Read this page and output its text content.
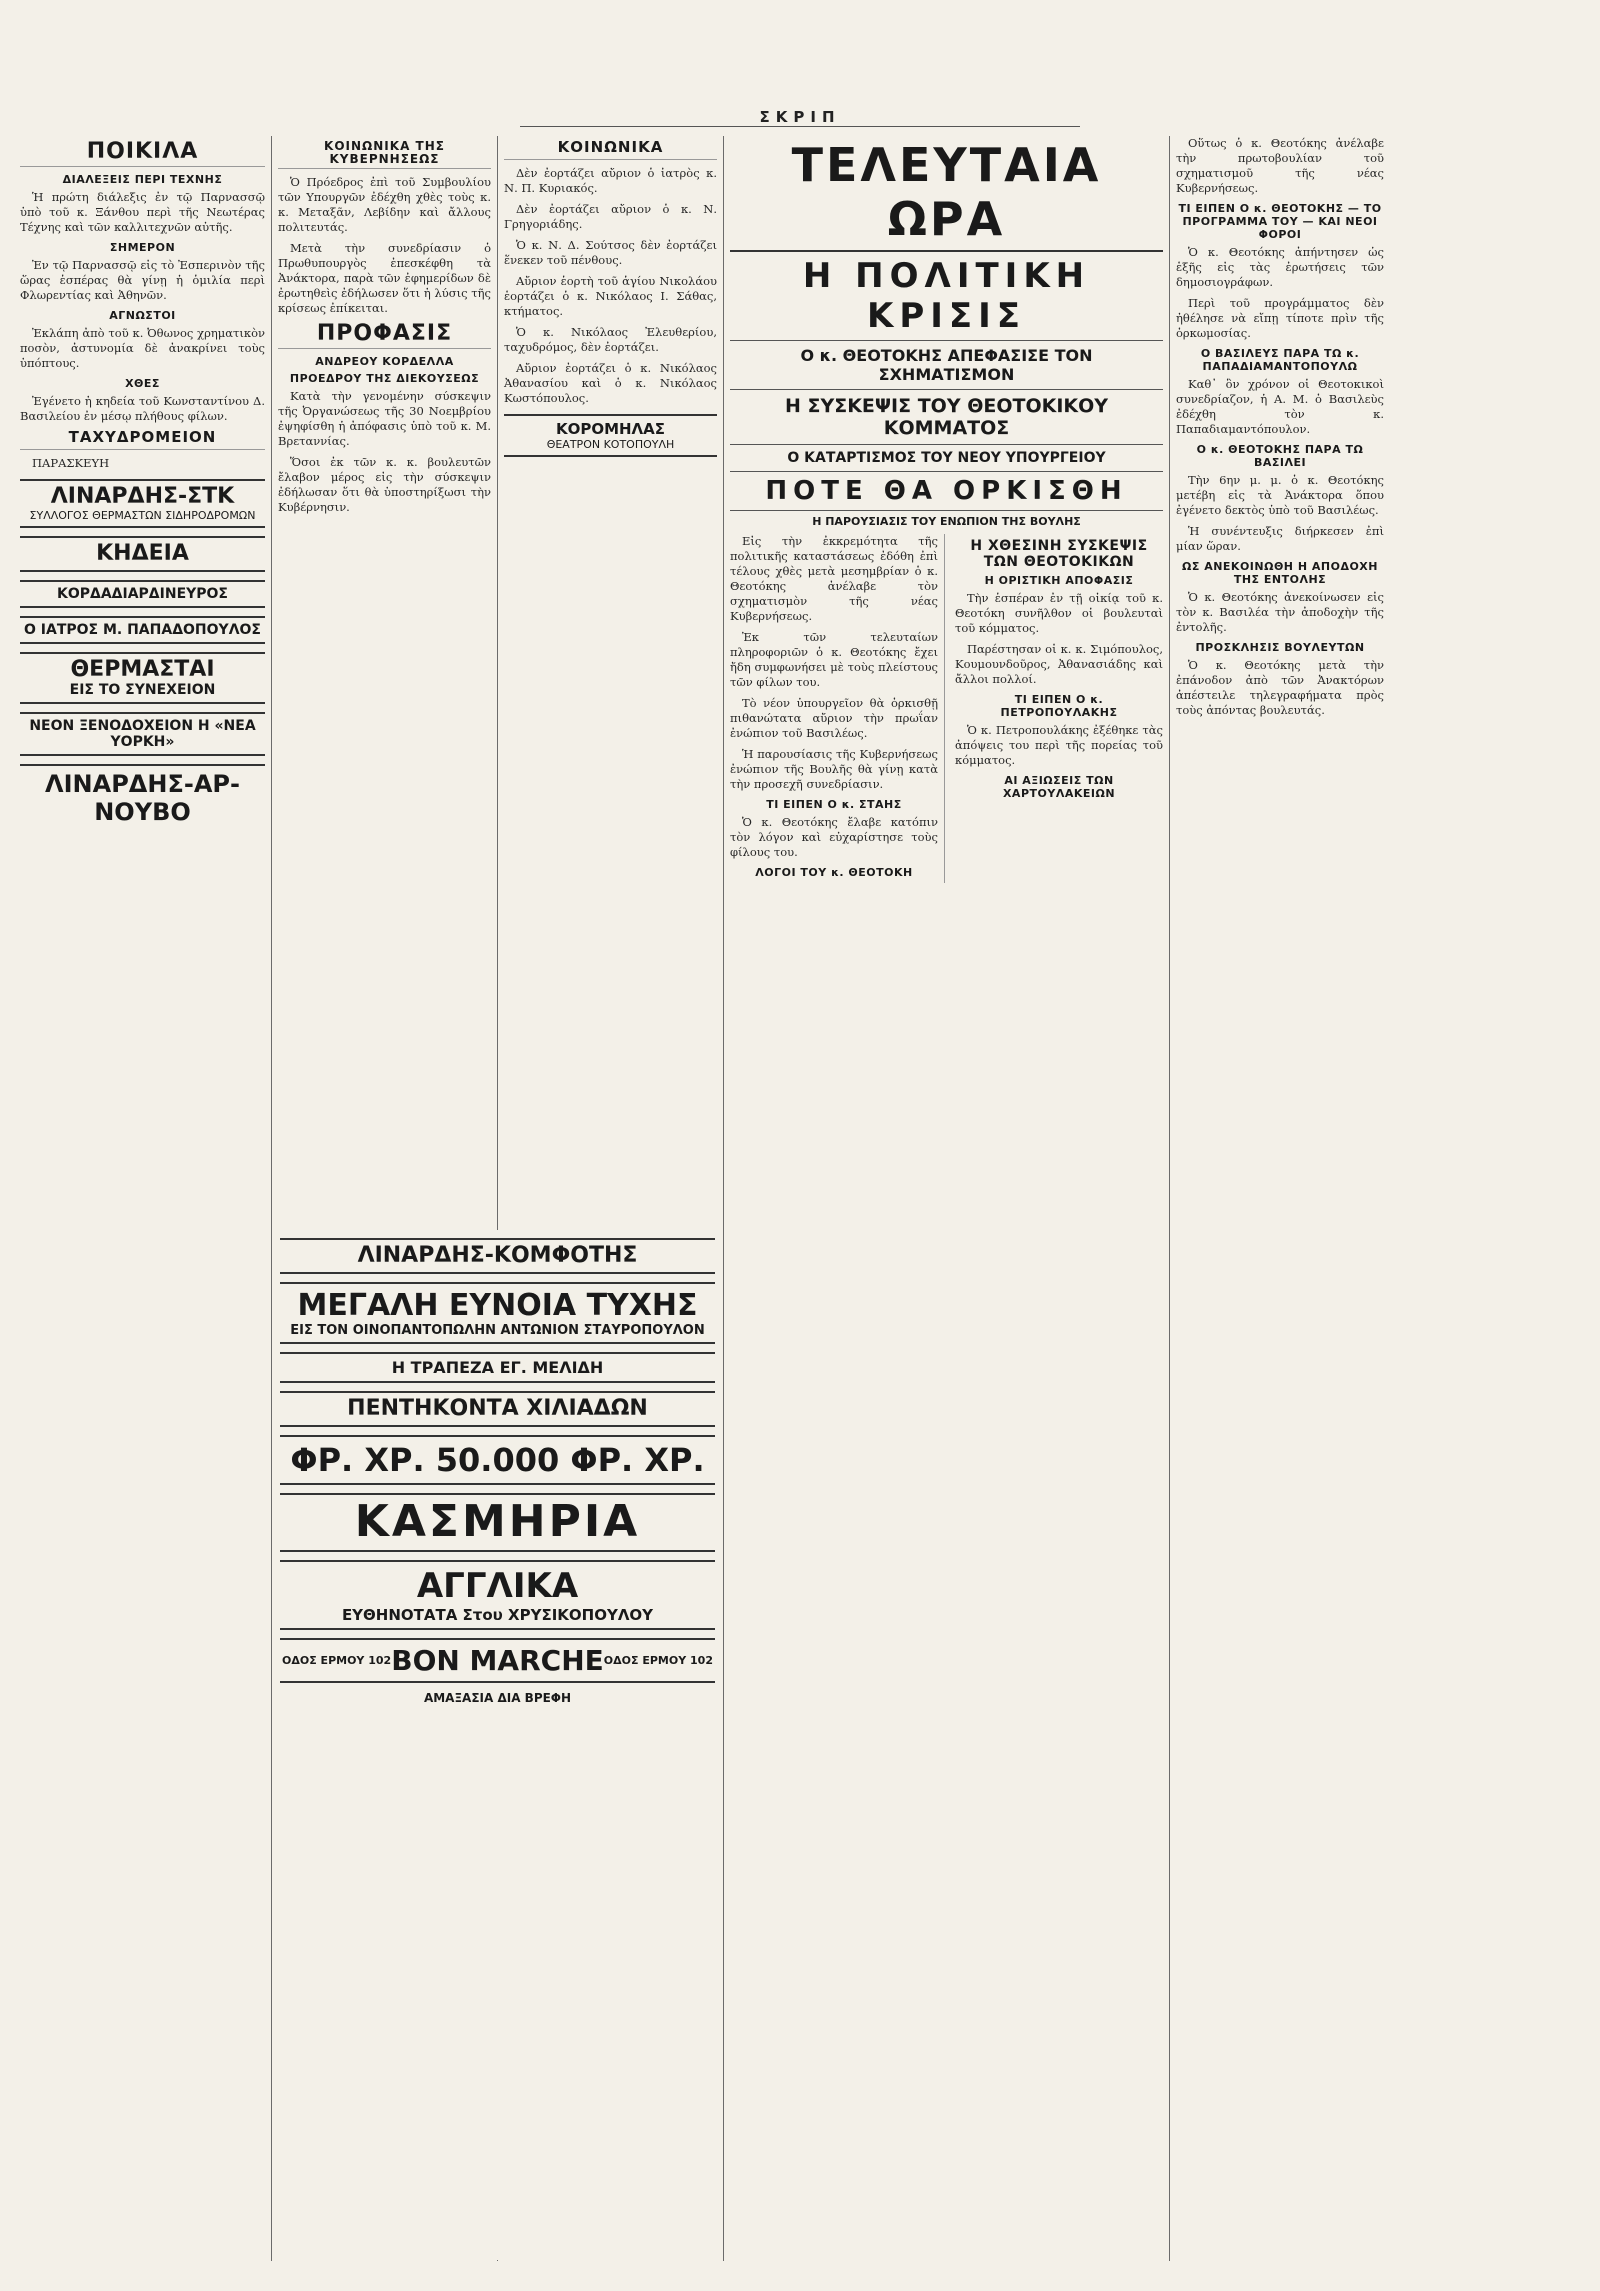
ΣΚΡΙΠ
ΠΟΙΚΙΛΑ
ΔΙΑΛΕΞΕΙΣ ΠΕΡΙ ΤΕΧΝΗΣ

Ἡ πρώτη διάλεξις ἐν τῷ Παρνασσῷ ὑπὸ τοῦ κ. Ξάνθου περὶ τῆς Νεωτέρας Τέχνης καὶ τῶν καλλιτεχνῶν αὐτῆς.

ΣΗΜΕΡΟΝ

Ἐν τῷ Παρνασσῷ εἰς τὸ Ἐσπερινὸν τῆς ὥρας ἑσπέρας θὰ γίνῃ ἡ ὁμιλία περὶ Φλωρεντίας καὶ Ἀθηνῶν.

ΑΓΝΩΣΤΟΙ

Ἐκλάπη ἀπὸ τοῦ κ. Ὀθωνος χρηματικὸν ποσὸν, ἀστυνομία δὲ ἀνακρίνει τοὺς ὑπόπτους.

ΧΘΕΣ

Ἐγένετο ἡ κηδεία τοῦ Κωνσταντίνου Δ. Βασιλείου ἐν μέσῳ πλήθους φίλων.

ΤΑΧΥΔΡΟΜΕΙΟΝ

ΠΑΡΑΣΚΕΥΗ

ΛΙΝΑΡΔΗΣ-ΣΤΚ
ΣΥΛΛΟΓΟΣ ΘΕΡΜΑΣΤΩΝ ΣΙΔΗΡΟΔΡΟΜΩΝ
ΚΗΔΕΙΑ
ΚΟΡΔΑΔΙΑΡΔΙΝΕΥΡΟΣ
Ο ΙΑΤΡΟΣ Μ. ΠΑΠΑΔΟΠΟΥΛΟΣ
ΘΕΡΜΑΣΤΑΙ
ΕΙΣ ΤΟ ΣΥΝΕΧΕΙΟΝ
ΝΕΟΝ ΞΕΝΟΔΟΧΕΙΟΝ Η «ΝΕΑ ΥΟΡΚΗ»
ΛΙΝΑΡΔΗΣ-ΑΡ-ΝΟΥΒΟ
ΚΟΙΝΩΝΙΚΑ ΤΗΣ ΚΥΒΕΡΝΗΣΕΩΣ

Ὁ Πρόεδρος ἐπὶ τοῦ Συμβουλίου τῶν Υπουργῶν ἐδέχθη χθὲς τοὺς κ. κ. Μεταξᾶν, Λεβίδην καὶ ἄλλους πολιτευτάς.

Μετὰ τὴν συνεδρίασιν ὁ Πρωθυπουργὸς ἐπεσκέφθη τὰ Ἀνάκτορα, παρὰ τῶν ἐφημερίδων δὲ ἐρωτηθεὶς ἐδήλωσεν ὅτι ἡ λύσις τῆς κρίσεως ἐπίκειται.

ΠΡΟΦΑΣΙΣ
ΑΝΔΡΕΟΥ ΚΟΡΔΕΛΛΑ
ΠΡΟΕΔΡΟΥ ΤΗΣ ΔΙΕΚΟΥΣΕΩΣ

Κατὰ τὴν γενομένην σύσκεψιν τῆς Ὀργανώσεως τῆς 30 Νοεμβρίου ἐψηφίσθη ἡ ἀπόφασις ὑπὸ τοῦ κ. Μ. Βρεταννίας.

Ὅσοι ἐκ τῶν κ. κ. βουλευτῶν ἔλαβον μέρος εἰς τὴν σύσκεψιν ἐδήλωσαν ὅτι θὰ ὑποστηρίξωσι τὴν Κυβέρνησιν.

ΚΟΙΝΩΝΙΚΑ

Δὲν ἐορτάζει αὔριον ὁ ἰατρὸς κ. Ν. Π. Κυριακός.

Δὲν ἐορτάζει αὔριον ὁ κ. Ν. Γρηγοριάδης.

Ὁ κ. Ν. Δ. Σούτσος δὲν ἐορτάζει ἕνεκεν τοῦ πένθους.

Αὔριον ἑορτὴ τοῦ ἁγίου Νικολάου ἑορτάζει ὁ κ. Νικόλαος Ι. Σάθας, κτήματος.

Ὁ κ. Νικόλαος Ἐλευθερίου, ταχυδρόμος, δὲν ἐορτάζει.

Αὔριον ἐορτάζει ὁ κ. Νικόλαος Ἀθανασίου καὶ ὁ κ. Νικόλαος Κωστόπουλος.

ΚΟΡΟΜΗΛΑΣ
ΘΕΑΤΡΟΝ ΚΟΤΟΠΟΥΛΗ
ΛΙΝΑΡΔΗΣ-ΚΟΜΦΟΤΗΣ
ΜΕΓΑΛΗ ΕΥΝΟΙΑ ΤΥΧΗΣ
ΕΙΣ ΤΟΝ ΟΙΝΟΠΑΝΤΟΠΩΛΗΝ ΑΝΤΩΝΙΟΝ ΣΤΑΥΡΟΠΟΥΛΟΝ
Η ΤΡΑΠΕΖΑ ΕΓ. ΜΕΛΙΔΗ
ΠΕΝΤΗΚΟΝΤΑ ΧΙΛΙΑΔΩΝ
ΦΡ. ΧΡ. 50.000 ΦΡ. ΧΡ.
ΚΑΣΜΗΡΙΑ
ΑΓΓΛΙΚΑ
ΕΥΘΗΝΟΤΑΤΑ Στου ΧΡΥΣΙΚΟΠΟΥΛΟΥ
ΟΔΟΣ ΕΡΜΟΥ 102 BON MARCHE ΟΔΟΣ ΕΡΜΟΥ 102
ΑΜΑΞΑΣΙΑ ΔΙΑ ΒΡΕΦΗ
ΤΕΛΕΥΤΑΙΑ ΩΡΑ
Η ΠΟΛΙΤΙΚΗ ΚΡΙΣΙΣ
Ο κ. ΘΕΟΤΟΚΗΣ ΑΠΕΦΑΣΙΣΕ ΤΟΝ ΣΧΗΜΑΤΙΣΜΟΝ
Η ΣΥΣΚΕΨΙΣ ΤΟΥ ΘΕΟΤΟΚΙΚΟΥ ΚΟΜΜΑΤΟΣ
Ο ΚΑΤΑΡΤΙΣΜΟΣ ΤΟΥ ΝΕΟΥ ΥΠΟΥΡΓΕΙΟΥ
ΠΟΤΕ ΘΑ ΟΡΚΙΣΘΗ
Η ΠΑΡΟΥΣΙΑΣΙΣ ΤΟΥ ΕΝΩΠΙΟΝ ΤΗΣ ΒΟΥΛΗΣ

Εἰς τὴν ἐκκρεμότητα τῆς πολιτικῆς καταστάσεως ἐδόθη ἐπὶ τέλους χθὲς μετὰ μεσημβρίαν ὁ κ. Θεοτόκης ἀνέλαβε τὸν σχηματισμὸν τῆς νέας Κυβερνήσεως.

Ἐκ τῶν τελευταίων πληροφοριῶν ὁ κ. Θεοτόκης ἔχει ἤδη συμφωνήσει μὲ τοὺς πλείστους τῶν φίλων του.

Τὸ νέον ὑπουργεῖον θὰ ὁρκισθῇ πιθανώτατα αὔριον τὴν πρωΐαν ἐνώπιον τοῦ Βασιλέως.

Ἡ παρουσίασις τῆς Κυβερνήσεως ἐνώπιον τῆς Βουλῆς θὰ γίνῃ κατὰ τὴν προσεχῆ συνεδρίασιν.

ΤΙ ΕΙΠΕΝ Ο κ. ΣΤΑΗΣ

Ὁ κ. Θεοτόκης ἔλαβε κατόπιν τὸν λόγον καὶ εὐχαρίστησε τοὺς φίλους του.

ΛΟΓΟΙ ΤΟΥ κ. ΘΕΟΤΟΚΗ
Η ΧΘΕΣΙΝΗ ΣΥΣΚΕΨΙΣ ΤΩΝ ΘΕΟΤΟΚΙΚΩΝ
Η ΟΡΙΣΤΙΚΗ ΑΠΟΦΑΣΙΣ

Τὴν ἑσπέραν ἐν τῇ οἰκίᾳ τοῦ κ. Θεοτόκη συνῆλθον οἱ βουλευταὶ τοῦ κόμματος.

Παρέστησαν οἱ κ. κ. Σιμόπουλος, Κουμουνδοῦρος, Ἀθανασιάδης καὶ ἄλλοι πολλοί.

ΤΙ ΕΙΠΕΝ Ο κ. ΠΕΤΡΟΠΟΥΛΑΚΗΣ

Ὁ κ. Πετροπουλάκης ἐξέθηκε τὰς ἀπόψεις του περὶ τῆς πορείας τοῦ κόμματος.

ΑΙ ΑΞΙΩΣΕΙΣ ΤΩΝ ΧΑΡΤΟΥΛΑΚΕΙΩΝ

Οὕτως ὁ κ. Θεοτόκης ἀνέλαβε τὴν πρωτοβουλίαν τοῦ σχηματισμοῦ τῆς νέας Κυβερνήσεως.

ΤΙ ΕΙΠΕΝ Ο κ. ΘΕΟΤΟΚΗΣ — ΤΟ ΠΡΟΓΡΑΜΜΑ ΤΟΥ — ΚΑΙ ΝΕΟΙ ΦΟΡΟΙ

Ὁ κ. Θεοτόκης ἀπήντησεν ὡς ἑξῆς εἰς τὰς ἐρωτήσεις τῶν δημοσιογράφων.

Περὶ τοῦ προγράμματος δὲν ἠθέλησε νὰ εἴπῃ τίποτε πρὶν τῆς ὁρκωμοσίας.

Ο ΒΑΣΙΛΕΥΣ ΠΑΡΑ ΤΩ κ. ΠΑΠΑΔΙΑΜΑΝΤΟΠΟΥΛΩ

Καθ᾽ ὃν χρόνον οἱ Θεοτοκικοὶ συνεδρίαζον, ἡ Α. Μ. ὁ Βασιλεὺς ἐδέχθη τὸν κ. Παπαδιαμαντόπουλον.

Ο κ. ΘΕΟΤΟΚΗΣ ΠΑΡΑ ΤΩ ΒΑΣΙΛΕΙ

Τὴν 6ην μ. μ. ὁ κ. Θεοτόκης μετέβη εἰς τὰ Ἀνάκτορα ὅπου ἐγένετο δεκτὸς ὑπὸ τοῦ Βασιλέως.

Ἡ συνέντευξις διήρκεσεν ἐπὶ μίαν ὥραν.

ΩΣ ΑΝΕΚΟΙΝΩΘΗ Η ΑΠΟΔΟΧΗ ΤΗΣ ΕΝΤΟΛΗΣ

Ὁ κ. Θεοτόκης ἀνεκοίνωσεν εἰς τὸν κ. Βασιλέα τὴν ἀποδοχὴν τῆς ἐντολῆς.

ΠΡΟΣΚΛΗΣΙΣ ΒΟΥΛΕΥΤΩΝ

Ὁ κ. Θεοτόκης μετὰ τὴν ἐπάνοδον ἀπὸ τῶν Ἀνακτόρων ἀπέστειλε τηλεγραφήματα πρὸς τοὺς ἀπόντας βουλευτάς.
